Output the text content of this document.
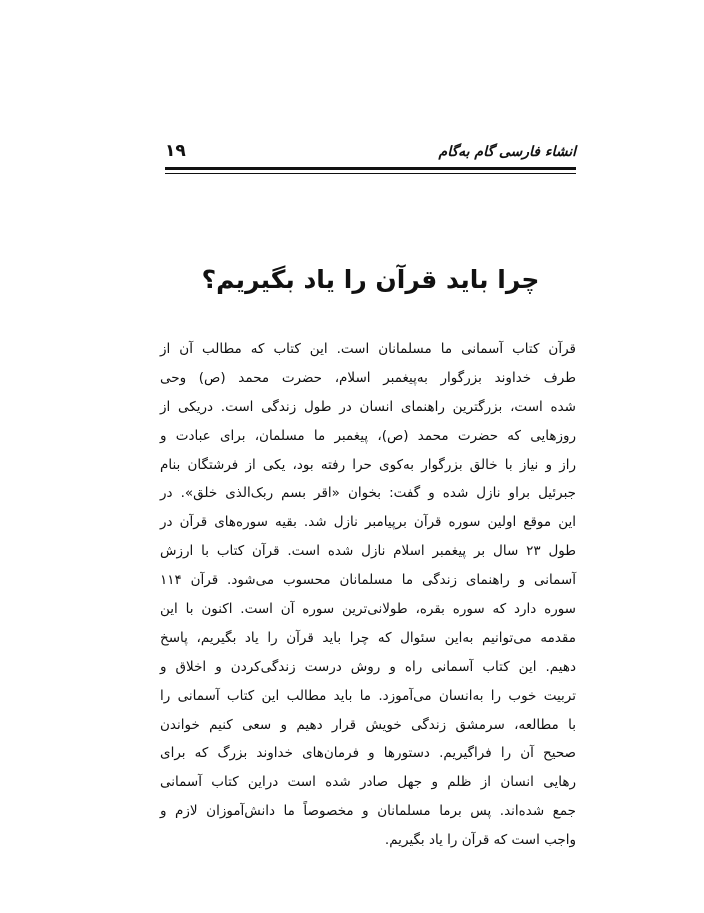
انشاء فارسی گام به‌گام
۱۹
چرا باید قرآن را یاد بگیریم؟
قرآن کتاب آسمانی ما مسلمانان است. این کتاب که مطالب آن از
طرف خداوند بزرگوار به‌پیغمبر اسلام، حضرت محمد (ص) وحی
شده است، بزرگترین راهنمای انسان در طول زندگی است. دریکی از
روزهایی که حضرت محمد (ص)، پیغمبر ما مسلمان، برای عبادت و
راز و نیاز با خالق بزرگوار به‌کوی حرا رفته بود، یکی از فرشتگان بنام
جبرئیل براو نازل شده و گفت: بخوان «اقر بسم ربک‌الذی خلق». در
این موقع اولین سوره قرآن برپیامبر نازل شد. بقیه سوره‌های قرآن در
طول ۲۳ سال بر پیغمبر اسلام نازل شده است. قرآن کتاب با ارزش
آسمانی و راهنمای زندگی ما مسلمانان محسوب می‌شود. قرآن ۱۱۴
سوره دارد که سوره بقره، طولانی‌ترین سوره آن است. اکنون با این
مقدمه می‌توانیم به‌این سئوال که چرا باید قرآن را یاد بگیریم، پاسخ
دهیم. این کتاب آسمانی راه و روش درست زندگی‌کردن و اخلاق و
تربیت خوب را به‌انسان می‌آموزد. ما باید مطالب این کتاب آسمانی را
با مطالعه، سرمشق زندگی خویش قرار دهیم و سعی کنیم خواندن
صحیح آن را فراگیریم. دستورها و فرمان‌های خداوند بزرگ که برای
رهایی انسان از ظلم و جهل صادر شده است دراین کتاب آسمانی
جمع شده‌اند. پس برما مسلمانان و مخصوصاً ما دانش‌آموزان لازم و
واجب است که قرآن را یاد بگیریم.
